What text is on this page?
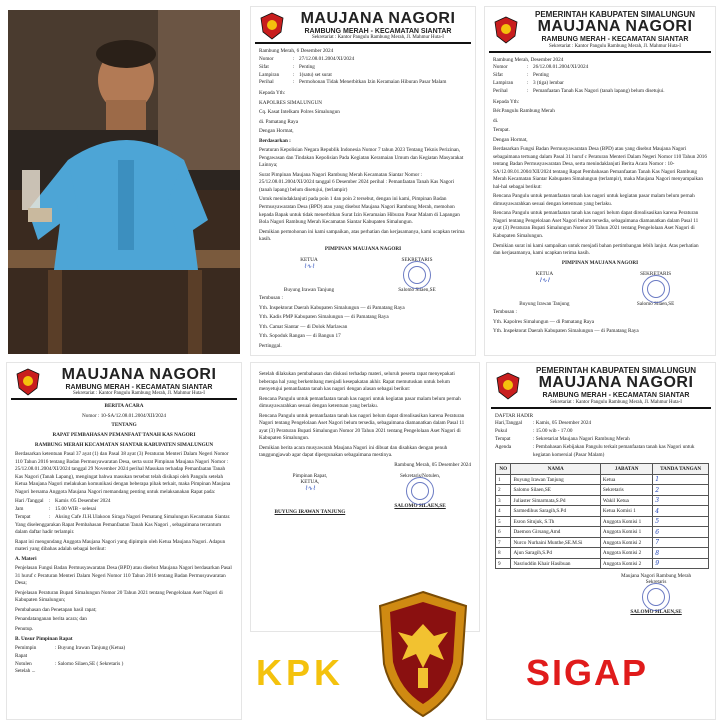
MAUJANA NAGORI
RAMBUNG MERAH - KECAMATAN SIANTAR
Sekretariat : Kantor Pangulu Rambung Merah, Jl. Mahmur Huta-I
Rambung Merah, 6 Desember 2024
Nomor	: 27/12.08.01.2004/XI/2024
Sifat	: Penting
Lampiran	: 1(satu) set surat
Perihal	: Permohonan Tidak Menerbitkan Izin Keramaian Hiburan Pasar Malam

Kepada Yth:

KAPOLRES SIMALUNGUN

Cq. Kasat Intelkam Polres Simalungun

di. Pamatang Raya

Dengan Hormat,

Berdasarkan :

Peraturan Kepolisian Negara Republik Indonesia Nomor 7 tahun 2023 Tentang Teknis Perizinan, Pengawasan dan Tindakan Kepolisian Pada Kegiatan Keramaian Umum dan Kegiatan Masyarakat Lainnya;

Surat Pimpinan Maujana Nagori Rambung Merah Kecamatan Siantar Nomor : 25/12.08.01.2004/XI/2024 tanggal 6 Desember 2024 perihal : Pemanfaatan Tanah Kas Nagori (tanah lapang) belum disetujui, (terlampir)

Untuk menindaklanjuti pada poin 1 dan poin 2 tersebut, dengan ini kami, Pimpinan Badan Permusyawaratan Desa (BPD) atau yang disebut Maujana Nagori Rambung Merah, memohon kepada Bapak untuk tidak menerbitkan Surat Izin Keramaian Hiburan Pasar Malam di Lapangan Bola Nagori Rambung Merah Kecamatan Siantar Kabupaten Simalungun.

Demikian permohonan ini kami sampaikan, atas perhatian dan kerjasamanya, kami ucapkan terima kasih.

PIMPINAN MAUJANA NAGORI

KETUA
⌇∿⌇
Buyung Irawan Tanjung
SEKRETARIS
Salomo Silaen,SE

Tembusan :

Yth. Inspektorat Daerah Kabupaten Simalungun — di Pamatang Raya

Yth. Kadis PMP Kabupaten Simalungun — di Pamatang Raya

Yth. Camat Siantar — di Dolok Marlawan

Yth. Sopoduk Rangan — di Bangun 17

Pertinggal.

PEMERINTAH KABUPATEN SIMALUNGUN
MAUJANA NAGORI
RAMBUNG MERAH - KECAMATAN SIANTAR
Sekretariat : Kantor Pangulu Rambung Merah, Jl. Mahmur Huta-I
Rambung Merah, Desember 2024
Nomor	: 26/12.08.01.2004/XI/2024
Sifat	: Penting
Lampiran	: 3 (tiga) lembar
Perihal	: Pemanfaatan Tanah Kas Nagori (tanah lapang) belum disetujui.

Kepada Yth:

Bér.Pangulu Rambung Merah

di.

Tempat.

Dengan Hormat,

Berdasarkan Fungsi Badan Permusyawaratan Desa (BPD) atau yang disebut Maujana Nagori sebagaimana tertuang dalam Pasal 31 huruf c Peraturan Menteri Dalam Negeri Nomor 110 Tahun 2016 tentang Badan Permusyawaratan Desa, serta menindaklanjuti Berita Acara Nomor : 10-SA/12.08.01.2004/XII/2024 tentang Rapat Pembahasan Pemanfaatan Tanah Kas Nagori Rambung Merah Kecamatan Siantar Kabupaten Simalungun (terlampir), maka Maujana Nagori menyampaikan hal-hal sebagai berikut:

Rencana Pangulu untuk pemanfaatan tanah kas nagori untuk kegiatan pasar malam belum pernah dimusyawarahkan sesuai dengan ketentuan yang berlaku.

Rencana Pangulu untuk pemanfaatan tanah kas nagori belum dapat direalisasikan karena Peraturan Nagori tentang Pengelolaan Aset Nagori belum tersedia, sebagaimana diamanatkan dalam Pasal 11 ayat (3) Peraturan Bupati Simalungun Nomor 20 Tahun 2021 tentang Pengelolaan Aset Nagori di Kabupaten Simalungun.

Demikian surat ini kami sampaikan untuk menjadi bahan pertimbangan lebih lanjut. Atas perhatian dan kerjasamanya, kami ucapkan terima kasih.

PIMPINAN MAUJANA NAGORI

KETUA
⌇∿⌇
Buyung Irawan Tanjung
SEKRETARIS
Salomo Silaen,SE

Tembusan :

Yth. Kapolres Simalungun — di Pamatang Raya

Yth. Inspektorat Daerah Kabupaten Simalungun — di Pamatang Raya

MAUJANA NAGORI
RAMBUNG MERAH - KECAMATAN SIANTAR
Sekretariat : Kantor Pangulu Rambung Merah, Jl. Mahmur Huta-I

BERITA ACARA

Nomor : 10-SA/12.08.01.2004/XII/2024

TENTANG

RAPAT PEMBAHASAN PEMANFAAT TANAH KAS NAGORI

RAMBUNG MERAH KECAMATAN SIANTAR KABUPATEN SIMALUNGUN

Berdasarkan ketentuan Pasal 37 ayat (1) dan Pasal 38 ayat (3) Peraturan Menteri Dalam Negeri Nomor 110 Tahun 2016 tentang Badan Permusyawaratan Desa, serta surat Pimpinan Maujana Nagori Nomor : 25/12.08.01.2004/XI/2024 tanggal 29 November 2024 perihal Masukan terhadap Pemanfaatan Tanah Kas Nagori (Tanah Lapang), mengingat bahwa masukan tersebut telah disikapi oleh Pangulu setelah Ketua Maujana Nagori melakukan komunikasi dengan beberapa pihak terkait, maka Pimpinan Maujana Nagori bersama Anggota Maujana Nagori memandang penting untuk melaksanakan Rapat pada:

Hari /Tanggal	: Kamis /05 Desember 2024
Jam	: 15.00 WIB - selesai
Tempat	: Aksing Cafe JI.H.Ulakoon Siraga Nagori Pematang Simalungun Kecamatan Siantar.

Yang diselenggarakan Rapat Pembahasan Pemanfaatan Tanah Kas Nagori , sebagaimana tercantum dalam daftar hadir terlampir.

Rapat ini mengundang Anggota Maujana Nagori yang dipimpin oleh Ketua Maujana Nagori. Adapun materi yang dibahas adalah sebagai berikut:

A. Materi

Penjelasan Fungsi Badan Permusyawaratan Desa (BPD) atau disebut Maujana Nagori berdasarkan Pasal 31 huruf c Peraturan Menteri Dalam Negeri Nomor 110 Tahun 2016 tentang Badan Permusyawaratan Desa;

Penjelasan Peraturan Bupati Simalungun Nomor 20 Tahun 2021 tentang Pengelolaan Aset Nagori di Kabupaten Simalungun;

Pembahasan dan Penetapan hasil rapat;

Penandatanganan berita acara; dan

Penutup.

B. Unsur Pimpinan Rapat

Pemimpin Rapat
: Buyung Irawan Tanjung (Ketua)
Notulen	: Salomo Silaen,SE ( Sekretaris )
Setelah ...

Setelah dilakukan pembahasan dan diskusi terhadap materi, seluruh peserta rapat menyepakati beberapa hal yang berkembang menjadi kesepakatan akhir. Rapat memutuskan untuk belum menyetujui pemanfaatan tanah kas nagori dengan alasan sebagai berikut:

Rencana Pangulu untuk pemanfaatan tanah kas nagori untuk kegiatan pasar malam belum pernah dimusyawarahkan sesuai dengan ketentuan yang berlaku.

Rencana Pangulu untuk pemanfaatan tanah kas nagori belum dapat direalisasikan karena Peraturan Nagori tentang Pengelolaan Aset Nagori belum tersedia, sebagaimana diamanatkan dalam Pasal 11 ayat (3) Peraturan Bupati Simalungun Nomor 20 Tahun 2021 tentang Pengelolaan Aset Nagori di Kabupaten Simalungun.

Demikian berita acara musyawarah Maujana Nagori ini dibuat dan disahkan dengan penuh tanggungjawab agar dapat dipergunakan sebagaimana mestinya.

Rambung Merah, 05 Desember 2024

Pimpinan Rapat,
KETUA,
⌇∿⌇
BUYUNG IRAWAN TANJUNG
Sekretaris/Notulen,
SALOMO SILAEN,SE
PEMERINTAH KABUPATEN SIMALUNGUN
MAUJANA NAGORI
RAMBUNG MERAH - KECAMATAN SIANTAR
Sekretariat : Kantor Pangulu Rambung Merah, Jl. Mahmur Huta-I
DAFTAR HADIR
Hari,Tanggal	: Kamis, 05 Desember 2024
Pukul	: 15.00 wib - 17.00
Tempat	: Sekretariat Maujana Nagori Rambung Merah
Agenda	: Pembahasan Kebijakan Pangulu terkait pemanfaatan tanah kas Nagori untuk kegiatan komersial (Pasar Malam)
NO	NAMA	JABATAN	TANDA TANGAN
1	Buyung Irawan Tanjung	Ketua	1
2	Salomo Silaen,SE	Sekretaris	2
3	Juliaster Simarmata,S.Pd	Wakil Ketua	3
4	Sarmedihus Saragih,S.Pd	Ketua Komisi 1	4
5	Esron Situjuk, S.Th	Anggota Komisi 1	5
6	Daemon Girsang,Amd	Anggota Komisi 1	6
7	Nurco Nurhaini Munthe,SE.M.Si	Anggota Komisi 2	7
8	Ajun Saragih,S.Pd	Anggota Komisi 2	8
9	Nasriuddin Khair Hasibuan	Anggota Komisi 2	9
Maujana Nagori Rambung Merah
Sekretaris
SALOMO SILAEN,SE
KPK	SIGAP
